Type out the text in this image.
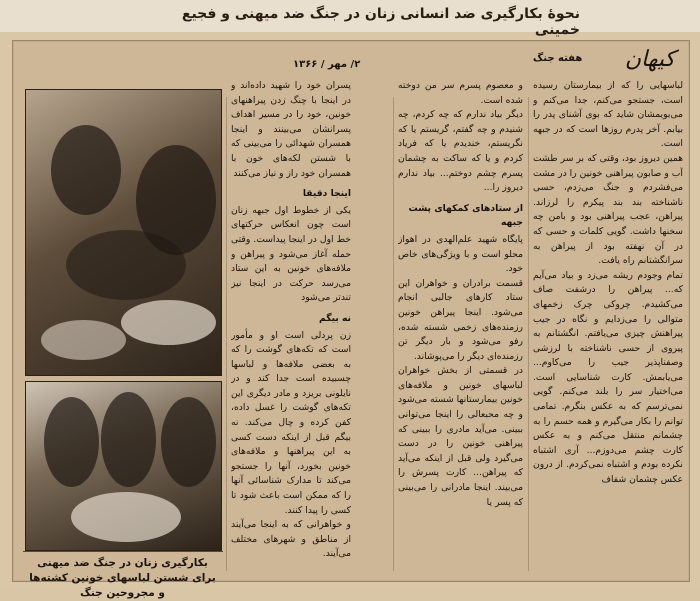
نحوهٔ بکارگیری ضد انسانی زنان در جنگ ضد میهنی و فجیع خمینی
کیهان
هفته جنگ
۲/ مهر / ۱۳۶۶

لباسهایی را که از بیمارستان رسیده است، جستجو می‌کنم، جدا می‌کنم و می‌بویمشان شاید که بوی آشنای پدر را بیابم. آخر پدرم روزها است که در جبهه است.

همین دیروز بود، وقتی که بر سر طشت آب و صابون پیراهنی خونین را در مشت می‌فشردم و جنگ می‌زدم، حسی ناشناخته بند بند پیکرم را لرزاند. پیراهن، عجب پیراهنی بود و بامن چه سخنها داشت. گویی کلمات و حسی که در آن نهفته بود از پیراهن به سرانگشتانم راه یافت.

تمام وجودم ریشه می‌زد و بیاد می‌آیم که... پیراهن را درشفت صاف می‌کشیدم. چروکی چرک زخمهای متوالی را می‌زدایم و نگاه در جیب پیراهنش چیزی می‌یافتم. انگشتانم به پیروی از حسی ناشناخته با لرزشی وصفناپذیر جیب را می‌کاوم... می‌یابمش. کارت شناسایی است. می‌اختیار سر را بلند می‌کنم. گویی نمی‌ترسم که به عکس بنگرم. تمامی توانم را بکار می‌گیرم و همه حسم را به چشمانم منتقل می‌کنم و به عکس کارت چشم می‌دوزم... آری اشتباه نکرده بودم و اشتباه نمی‌کردم. از درون عکس چشمان شفاف

و معصوم پسرم سر من دوخته شده است.

دیگر بیاد ندارم که چه کردم، چه شنیدم و چه گفتم، گریستم یا که نگریستم، خندیدم یا که فریاد کردم و یا که ساکت به چشمان پسرم چشم دوختم... بیاد ندارم دیروز را...

از ستادهای کمکهای پشت جبهه

پایگاه شهید علم‌الهدی در اهواز محلو است و با ویژگی‌های خاص خود.

قسمت برادران و خواهران این ستاد کارهای جالبی انجام می‌شود. اینجا پیراهن خونین رزمنده‌های زخمی شسته شده، رفو می‌شود و بار دیگر تن رزمنده‌ای دیگر را می‌پوشاند.

در قسمتی از بخش خواهران لباسهای خونین و ملافه‌های خونین بیمارستانها شسته می‌شود و چه محبعالی را اینجا می‌توانی ببینی. می‌آید مادری را ببینی که پیراهنی خونین را در دست می‌گیرد ولی قبل از اینکه می‌آید که پیراهن... کارت پسرش را می‌بیند. اینجا مادرانی را می‌بینی که پسر یا

پسران خود را شهید داده‌اند و در اینجا با چنگ زدن پیراهنهای خونین، خود را در مسیر اهداف پسرانشان می‌بینند و اینجا همسران شهدائی را می‌بینی که با شستن لکه‌های خون با همسران خود راز و نیاز می‌کنند

اینجا دقیقا

یکی از خطوط اول جبهه زنان است چون انعکاس حرکتهای خط اول در اینجا پیداست. وقتی حمله آغاز می‌شود و پیراهن و ملافه‌های خونین به این ستاد می‌رسد حرکت در اینجا نیز تندتر می‌شود

نه بیگم

زن پردلی است او و مأمور است که تکه‌های گوشت را که به بعضی ملافه‌ها و لباسها چسبیده است جدا کند و در نایلونی بریزد و مادر دیگری این تکه‌های گوشت را غسل داده، کفن کرده و چال می‌کند. نه بیگم قبل از اینکه دست کسی به این پیراهنها و ملافه‌های خونین بخورد، آنها را جستجو می‌کند تا مدارک شناسائی آنها را که ممکن است باعث شود تا کسی را پیدا کنند.

و خواهرانی که به اینجا می‌آیند از مناطق و شهرهای مختلف می‌آیند.

بکارگیری زنان در جنگ ضد میهنی برای شستن لباسهای خونین کشته‌ها و مجروحین جنگ
